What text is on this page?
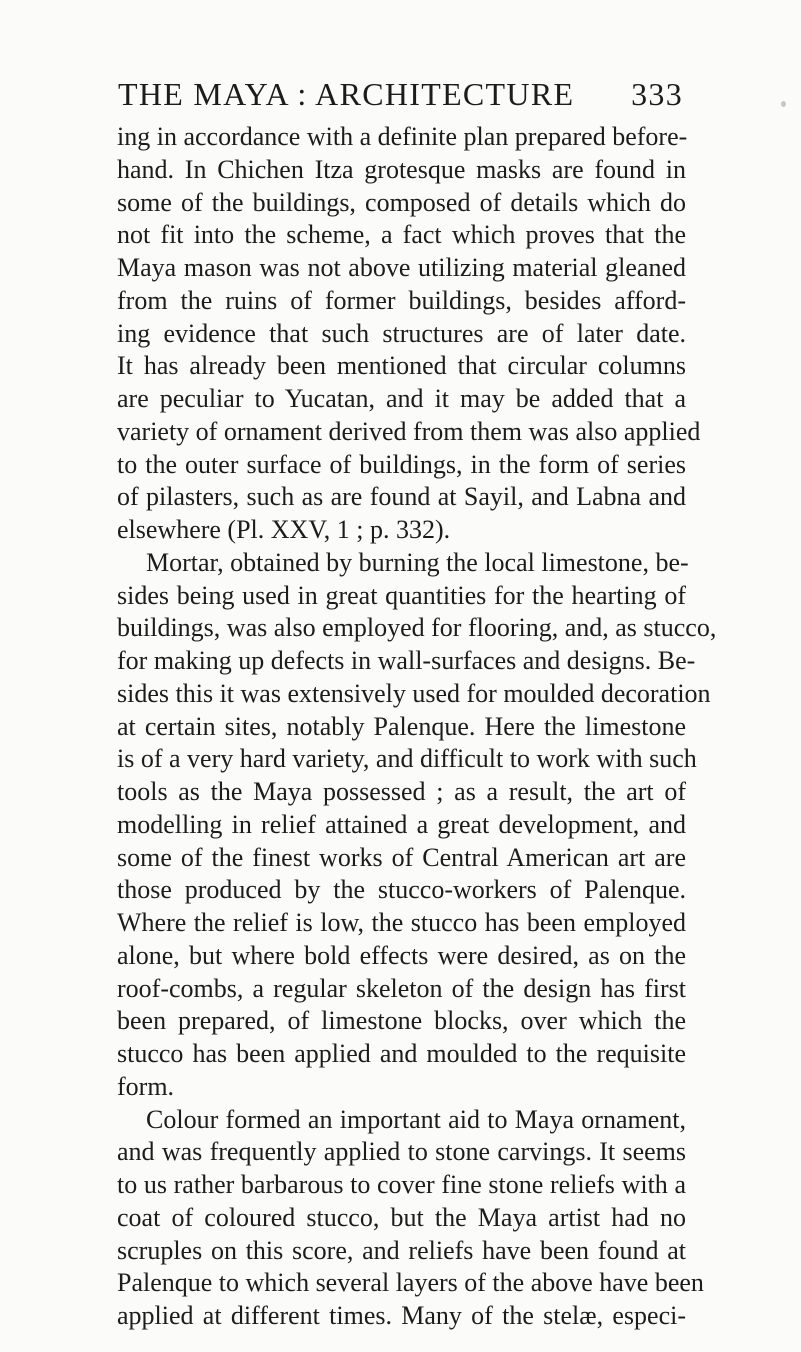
THE MAYA : ARCHITECTURE 333
ing in accordance with a definite plan prepared before-
hand. In Chichen Itza grotesque masks are found in
some of the buildings, composed of details which do
not fit into the scheme, a fact which proves that the
Maya mason was not above utilizing material gleaned
from the ruins of former buildings, besides afford-
ing evidence that such structures are of later date.
It has already been mentioned that circular columns
are peculiar to Yucatan, and it may be added that a
variety of ornament derived from them was also applied
to the outer surface of buildings, in the form of series
of pilasters, such as are found at Sayil, and Labna and
elsewhere (Pl. XXV, 1 ; p. 332).
Mortar, obtained by burning the local limestone, be-
sides being used in great quantities for the hearting of
buildings, was also employed for flooring, and, as stucco,
for making up defects in wall-surfaces and designs. Be-
sides this it was extensively used for moulded decoration
at certain sites, notably Palenque. Here the limestone
is of a very hard variety, and difficult to work with such
tools as the Maya possessed ; as a result, the art of
modelling in relief attained a great development, and
some of the finest works of Central American art are
those produced by the stucco-workers of Palenque.
Where the relief is low, the stucco has been employed
alone, but where bold effects were desired, as on the
roof-combs, a regular skeleton of the design has first
been prepared, of limestone blocks, over which the
stucco has been applied and moulded to the requisite
form.
Colour formed an important aid to Maya ornament,
and was frequently applied to stone carvings. It seems
to us rather barbarous to cover fine stone reliefs with a
coat of coloured stucco, but the Maya artist had no
scruples on this score, and reliefs have been found at
Palenque to which several layers of the above have been
applied at different times. Many of the stelæ, especi-
